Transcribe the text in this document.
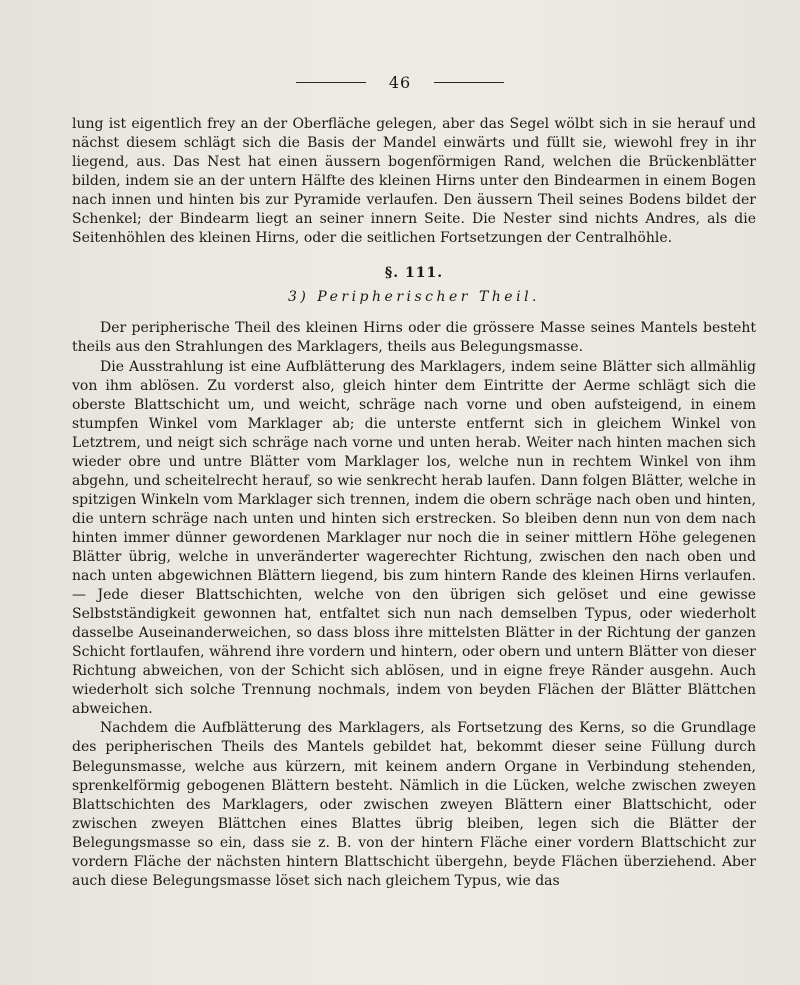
46

lung ist eigentlich frey an der Oberfläche gelegen, aber das Segel wölbt sich in sie herauf und nächst diesem schlägt sich die Basis der Mandel einwärts und füllt sie, wiewohl frey in ihr liegend, aus. Das Nest hat einen äussern bogenförmigen Rand, welchen die Brückenblätter bilden, indem sie an der untern Hälfte des kleinen Hirns unter den Bindearmen in einem Bogen nach innen und hinten bis zur Pyramide verlaufen. Den äussern Theil seines Bodens bildet der Schenkel; der Bindearm liegt an seiner innern Seite. Die Nester sind nichts Andres, als die Seitenhöhlen des kleinen Hirns, oder die seitlichen Fortsetzungen der Centralhöhle.

§. 111.
3) Peripherischer Theil.

Der peripherische Theil des kleinen Hirns oder die grössere Masse seines Mantels besteht theils aus den Strahlungen des Marklagers, theils aus Belegungsmasse.

Die Ausstrahlung ist eine Aufblätterung des Marklagers, indem seine Blätter sich allmählig von ihm ablösen. Zu vorderst also, gleich hinter dem Eintritte der Aerme schlägt sich die oberste Blattschicht um, und weicht, schräge nach vorne und oben aufsteigend, in einem stumpfen Winkel vom Marklager ab; die unterste entfernt sich in gleichem Winkel von Letztrem, und neigt sich schräge nach vorne und unten herab. Weiter nach hinten machen sich wieder obre und untre Blätter vom Marklager los, welche nun in rechtem Winkel von ihm abgehn, und scheitelrecht herauf, so wie senkrecht herab laufen. Dann folgen Blätter, welche in spitzigen Winkeln vom Marklager sich trennen, indem die obern schräge nach oben und hinten, die untern schräge nach unten und hinten sich erstrecken. So bleiben denn nun von dem nach hinten immer dünner gewordenen Marklager nur noch die in seiner mittlern Höhe gelegenen Blätter übrig, welche in unveränderter wagerechter Richtung, zwischen den nach oben und nach unten abgewichnen Blättern liegend, bis zum hintern Rande des kleinen Hirns verlaufen. — Jede dieser Blattschichten, welche von den übrigen sich gelöset und eine gewisse Selbstständigkeit gewonnen hat, entfaltet sich nun nach demselben Typus, oder wiederholt dasselbe Auseinanderweichen, so dass bloss ihre mittelsten Blätter in der Richtung der ganzen Schicht fortlaufen, während ihre vordern und hintern, oder obern und untern Blätter von dieser Richtung abweichen, von der Schicht sich ablösen, und in eigne freye Ränder ausgehn. Auch wiederholt sich solche Trennung nochmals, indem von beyden Flächen der Blätter Blättchen abweichen.

Nachdem die Aufblätterung des Marklagers, als Fortsetzung des Kerns, so die Grundlage des peripherischen Theils des Mantels gebildet hat, bekommt dieser seine Füllung durch Belegunsmasse, welche aus kürzern, mit keinem andern Organe in Verbindung stehenden, sprenkelförmig gebogenen Blättern besteht. Nämlich in die Lücken, welche zwischen zweyen Blattschichten des Marklagers, oder zwischen zweyen Blättern einer Blattschicht, oder zwischen zweyen Blättchen eines Blattes übrig bleiben, legen sich die Blätter der Belegungsmasse so ein, dass sie z. B. von der hintern Fläche einer vordern Blattschicht zur vordern Fläche der nächsten hintern Blattschicht übergehn, beyde Flächen überziehend. Aber auch diese Belegungsmasse löset sich nach gleichem Typus, wie das
